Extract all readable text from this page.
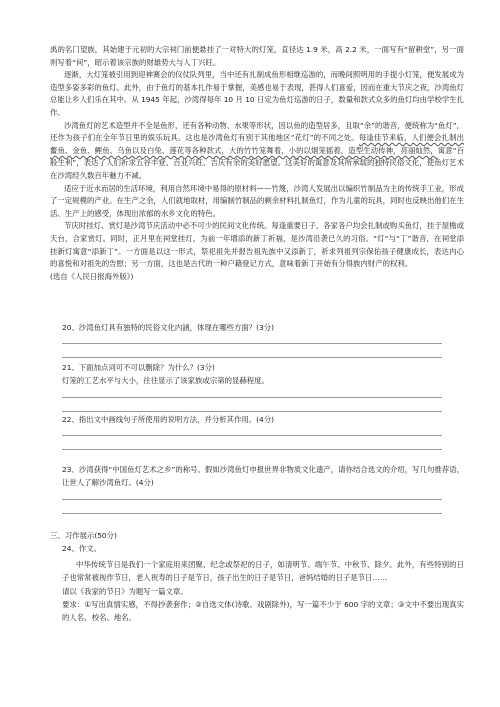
禹的名门望族，其始建于元初的大宗祠门前便悬挂了一对特大的灯笼，直径达 1.9 米，高 2.2 米，一面写有“留耕堂”，另一面则写着“何”，昭示着该宗族的财雄势大与人丁兴旺。

逐渐，大灯笼被引用到迎神赛会的仪仗队列里，当中还有扎制成鱼形相继巡游的，而晚间照明用的手提小灯笼，便发展成为造型多姿多彩的鱼灯。此外，由于鱼灯的基本扎作易于掌握，美感也易于表现，甚得人们喜爱，因而在重大节庆之夜，沙湾鱼灯总能让乡人们乐在其中。从 1945 年起，沙湾得每年 10 月 10 日定为鱼灯巡游的日子，数量和款式众多的鱼灯均由学校学生扎作。

沙湾鱼灯的艺术造型并不全是鱼形，还有各种动物、水果等形状，因以鱼的造型居多，且取“余”的谐音，便统称为“鱼灯”，还作为孩子们在全年节日里的娱乐玩具。这也是沙湾鱼灯有别于其他地区“花灯”的不同之处。每逢佳节来临，人们便会扎制出鳌鱼、金鱼、鲤鱼、乌鱼以及白兔、莲花等各种款式，大的竹竹笼舞着，小的以烟笼摇着，造型生动传神，亮丽灿然，寓意“百般生利”，表达了人们祈求五谷丰登、百业兴旺、吉庆有余的美好愿望。这美好的寓意及其所承载的独特民俗文化，使鱼灯艺术在沙湾经久数百年魅力不减。

适应于近水而居的生活环境，利用自然环境中易得的原材料——竹篾，沙湾人发展出以编织竹制品为主的传统手工业，形成了一定规模的产业。在生产之余，人们就地取材，用编制竹制品的剩余材料扎制鱼灯，作为儿童的玩具，同时也反映出他们在生活、生产上的感受，体现出浓郁的水乡文化的特色。

节庆时挂灯、赏灯是沙湾节庆活动中必不可少的民间文化传统。每逢重要日子，各家各户均会扎制或购买鱼灯，挂于屋檐或天台，合家赏灯。同时，正月里在祠堂挂灯，为前一年增添的新丁祈福，是沙湾沿袭已久的习俗。“灯”与“丁”谐音，在祠堂添挂新灯寓意“添新丁”。一方面是以这一形式，祭祀祖先并报告祖先族中又添新丁，祈求列祖列宗保佑孩子健康成长，表达内心的喜悦和对祖先的告慰；另一方面，这也是古代的一种户籍登记方式，意味着新丁开始有分得族内财产的权利。

(选自《人民日报海外版》)

20、沙湾鱼灯具有独特的民俗文化内涵，体现在哪些方面？(3分)

21、下面加点词可不可以删除？为什么？(3分)

灯笼的工艺水平与大小，往往显示了该家族或宗第的显赫程度。

22、指出文中画线句子所使用的说明方法，并分析其作用。(4分)

23、沙湾获得“中国鱼灯艺术之乡”的称号。假如沙湾鱼灯申报世界非物质文化遗产，请你结合选文的介绍，写几句推荐语，让世人了解沙湾鱼灯。(4分)

三、习作展示(50分)

24、作文。

中华传统节日是我们一个家庭用来团聚、纪念或祭祀的日子，如清明节、端午节、中秋节、除夕。此外，有些特别的日子也常常被视作节日，老人祝寿的日子是节日，孩子出生的日子是节日，爸妈结婚的日子是节日……

请以《我家的节日》为题写一篇文章。

要求：①写出真情实感，不得抄袭套作；②自选文体(诗歌、戏剧除外)，写一篇不少于 600 字的文章；③文中不要出现真实的人名、校名、地名。
